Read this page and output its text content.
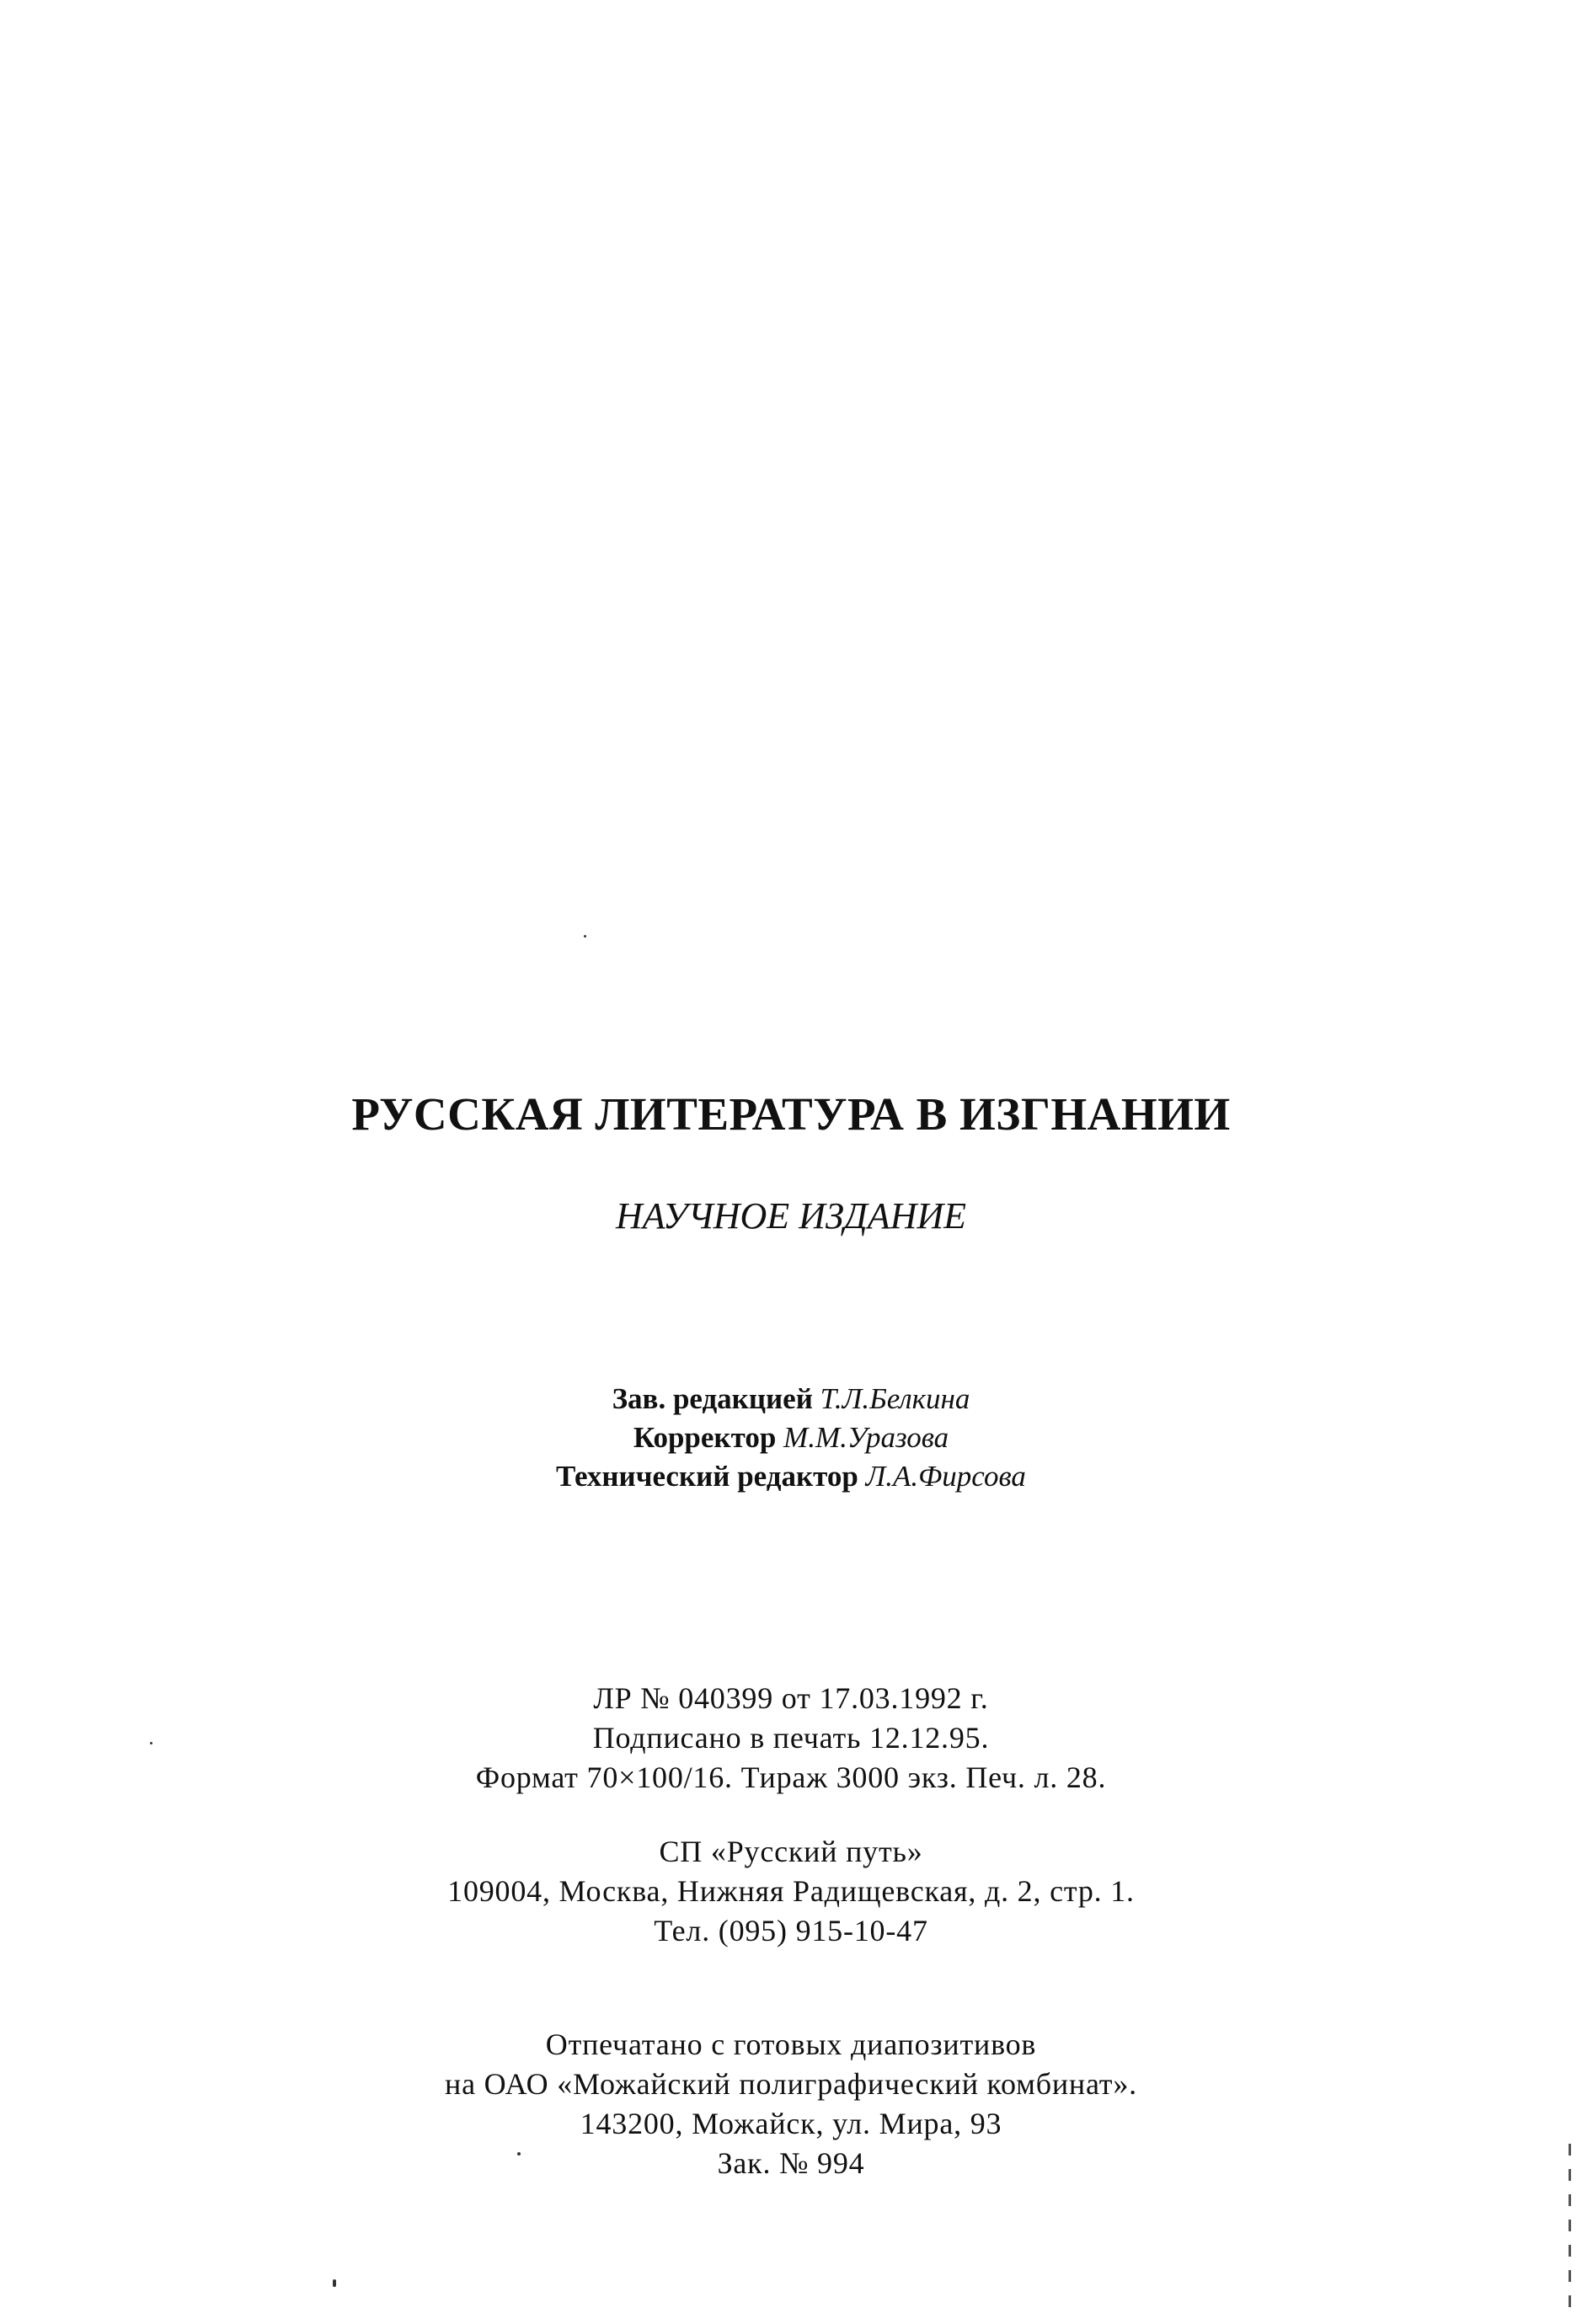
РУССКАЯ ЛИТЕРАТУРА В ИЗГНАНИИ
НАУЧНОЕ ИЗДАНИЕ
Зав. редакцией Т.Л.Белкина
Корректор М.М.Уразова
Технический редактор Л.А.Фирсова
ЛР № 040399 от 17.03.1992 г.
Подписано в печать 12.12.95.
Формат 70×100/16. Тираж 3000 экз. Печ. л. 28.
СП «Русский путь»
109004, Москва, Нижняя Радищевская, д. 2, стр. 1.
Тел. (095) 915-10-47
Отпечатано с готовых диапозитивов
на ОАО «Можайский полиграфический комбинат».
143200, Можайск, ул. Мира, 93
Зак. № 994
